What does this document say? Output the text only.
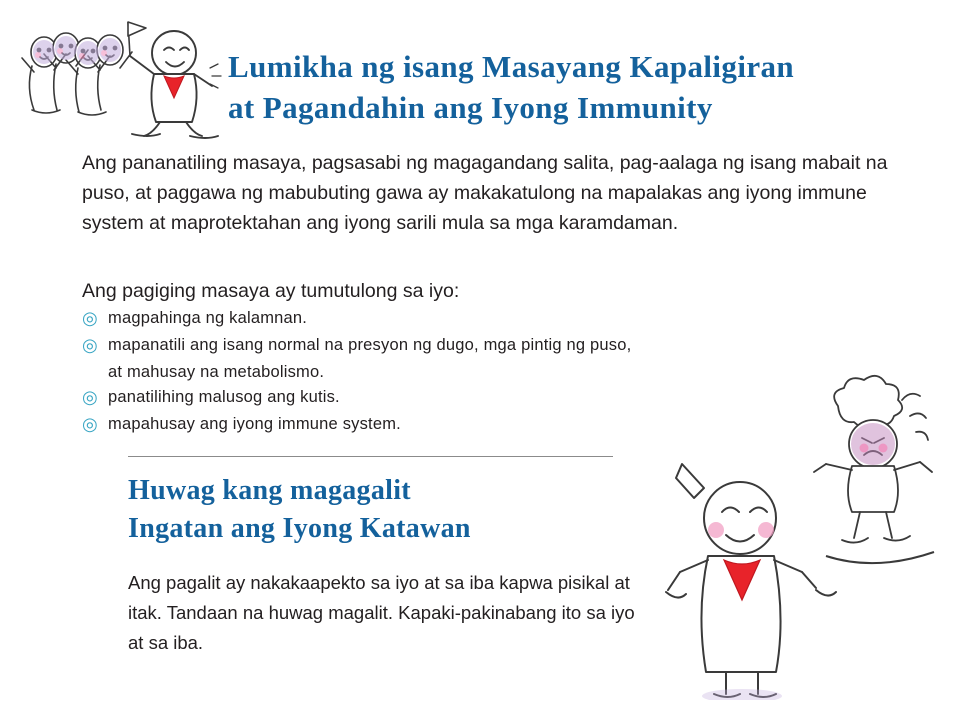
Lumikha ng isang Masayang Kapaligiran
at Pagandahin ang Iyong Immunity
Ang pananatiling masaya, pagsasabi ng magagandang salita, pag-aalaga ng isang mabait na puso, at paggawa ng mabubuting gawa ay makakatulong na mapalakas ang iyong immune system at maprotektahan ang iyong sarili mula sa mga karamdaman.
Ang pagiging masaya ay tumutulong sa iyo:
◎ magpahinga ng kalamnan.
◎ mapanatili ang isang normal na presyon ng dugo, mga pintig ng puso,
at mahusay na metabolismo.
◎ panatilihing malusog ang kutis.
◎ mapahusay ang iyong immune system.
Huwag kang magagalit
Ingatan ang Iyong Katawan
Ang pagalit ay nakakaapekto sa iyo at sa iba kapwa pisikal at itak. Tandaan na huwag magalit. Kapaki-pakinabang ito sa iyo at sa iba.
